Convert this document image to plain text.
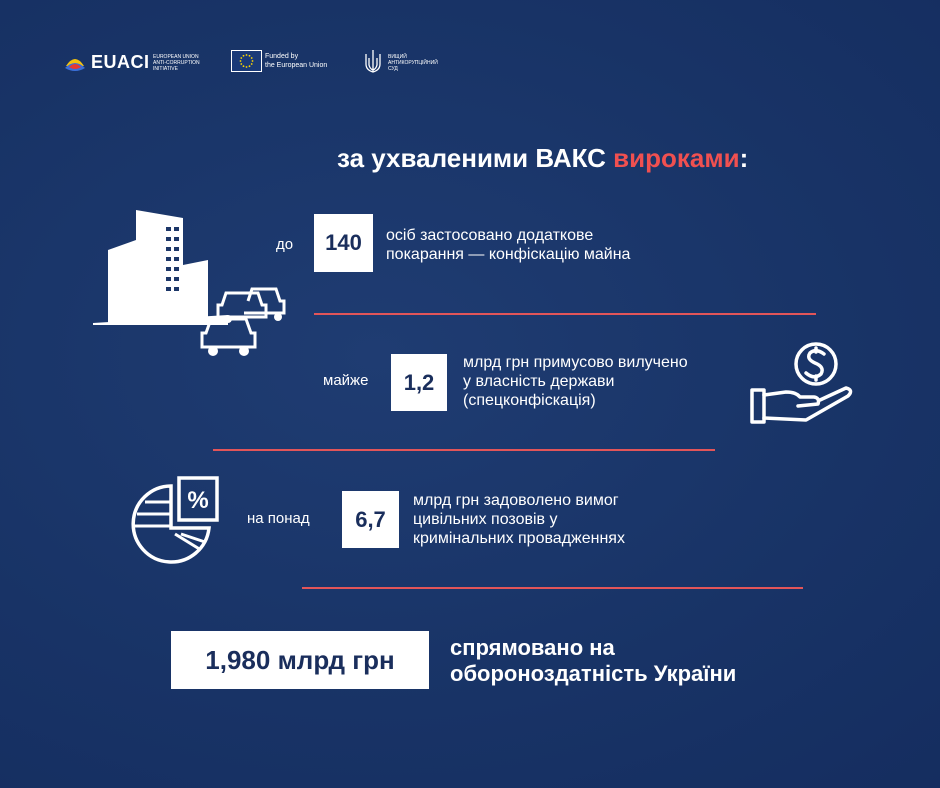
EUACI EUROPEAN UNION
ANTI-CORRUPTION
INITIATIVE
Funded by
the European Union
ВИЩИЙ
АНТИКОРУПЦІЙНИЙ
СУД
за ухваленими ВАКС вироками:
до	140	осіб застосовано додаткове
покарання — конфіскацію майна
майже	1,2
млрд грн примусово вилучено
у власність держави
(спецконфіскація)
%
на понад	6,7
млрд грн задоволено вимог
цивільних позовів у
кримінальних провадженнях
1,980 млрд грн	спрямовано на
обороноздатність України
